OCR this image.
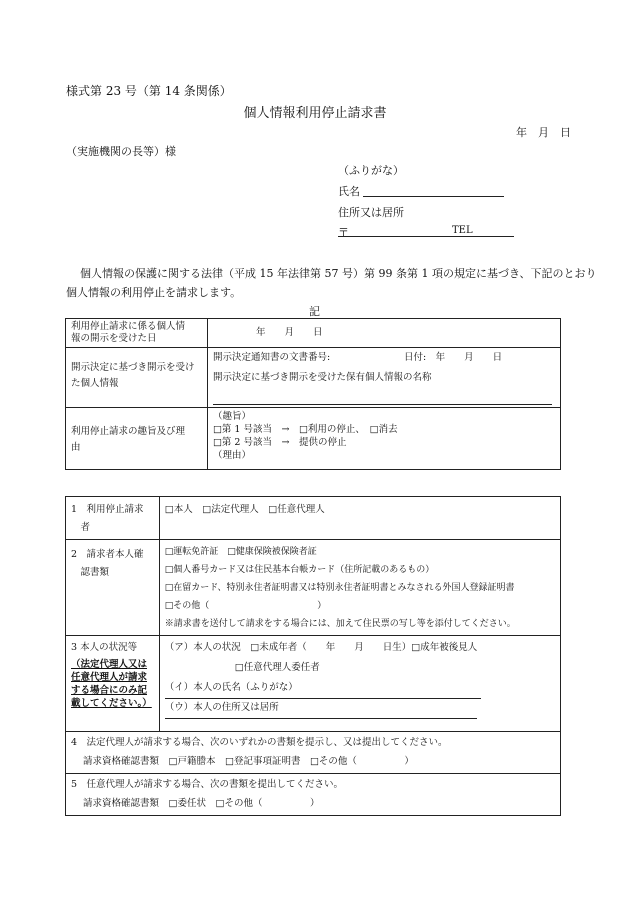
様式第 23 号（第 14 条関係）
個人情報利用停止請求書
年　月　日
（実施機関の長等）様
（ふりがな）
氏名
住所又は居所
〒	TEL
個人情報の保護に関する法律（平成 15 年法律第 57 号）第 99 条第 1 項の規定に基づき、下記のとおり
個人情報の利用停止を請求します。
記
利用停止請求に係る個人情
報の開示を受けた日	年　　月　　日

開示決定に基づき開示を受け
た個人情報	開示決定通知書の文書番号: 日付:　年　　月　　日
開示決定に基づき開示を受けた保有個人情報の名称

利用停止請求の趣旨及び理
由	（趣旨）
□第 1 号該当　→　□利用の停止、　□消去
□第 2 号該当　→　提供の停止
（理由）
1　利用停止請求
　者	□本人　□法定代理人　□任意代理人

2　請求者本人確
　認書類	□運転免許証　□健康保険被保険者証
□個人番号カード又は住民基本台帳カード（住所記載のあるもの）
□在留カード、特別永住者証明書又は特別永住者証明書とみなされる外国人登録証明書
□その他（　　　　　　　　　　　　）
※請求書を送付して請求をする場合には、加えて住民票の写し等を添付してください。

3 本人の状況等
（法定代理人又は任意代理人が請求する場合にのみ記載してください。）	（ア）本人の状況　□未成年者（　　年　　月　　日生）□成年被後見人
□任意代理人委任者
（イ）本人の氏名（ふりがな）
（ウ）本人の住所又は居所

4　法定代理人が請求する場合、次のいずれかの書類を提示し、又は提出してください。
請求資格確認書類　□戸籍謄本　□登記事項証明書　□その他（　　　　　）	

5　任意代理人が請求する場合、次の書類を提出してください。
請求資格確認書類　□委任状　□その他（　　　　　）	
